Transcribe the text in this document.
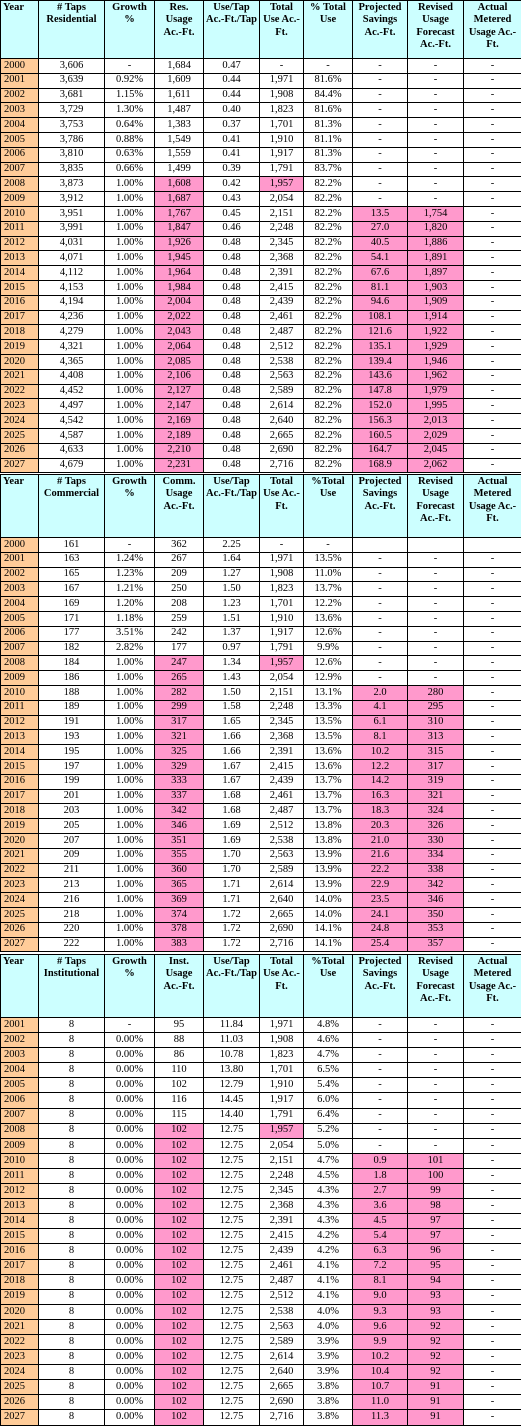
Year	# Taps Residential	Growth %	Res. Usage Ac.-Ft.	Use/Tap Ac.-Ft./Tap	Total Use Ac.-Ft.	% Total Use	Projected Savings Ac.-Ft.	Revised Usage Forecast Ac.-Ft.	Actual Metered Usage Ac.-Ft.
2000	3,606	-	1,684	0.47	-	-	-	-	-
2001	3,639	0.92%	1,609	0.44	1,971	81.6%	-	-	-
2002	3,681	1.15%	1,611	0.44	1,908	84.4%	-	-	-
2003	3,729	1.30%	1,487	0.40	1,823	81.6%	-	-	-
2004	3,753	0.64%	1,383	0.37	1,701	81.3%	-	-	-
2005	3,786	0.88%	1,549	0.41	1,910	81.1%	-	-	-
2006	3,810	0.63%	1,559	0.41	1,917	81.3%	-	-	-
2007	3,835	0.66%	1,499	0.39	1,791	83.7%	-	-	-
2008	3,873	1.00%	1,608	0.42	1,957	82.2%	-	-	-
2009	3,912	1.00%	1,687	0.43	2,054	82.2%	-	-	-
2010	3,951	1.00%	1,767	0.45	2,151	82.2%	13.5	1,754	-
2011	3,991	1.00%	1,847	0.46	2,248	82.2%	27.0	1,820	-
2012	4,031	1.00%	1,926	0.48	2,345	82.2%	40.5	1,886	-
2013	4,071	1.00%	1,945	0.48	2,368	82.2%	54.1	1,891	-
2014	4,112	1.00%	1,964	0.48	2,391	82.2%	67.6	1,897	-
2015	4,153	1.00%	1,984	0.48	2,415	82.2%	81.1	1,903	-
2016	4,194	1.00%	2,004	0.48	2,439	82.2%	94.6	1,909	-
2017	4,236	1.00%	2,022	0.48	2,461	82.2%	108.1	1,914	-
2018	4,279	1.00%	2,043	0.48	2,487	82.2%	121.6	1,922	-
2019	4,321	1.00%	2,064	0.48	2,512	82.2%	135.1	1,929	-
2020	4,365	1.00%	2,085	0.48	2,538	82.2%	139.4	1,946	-
2021	4,408	1.00%	2,106	0.48	2,563	82.2%	143.6	1,962	-
2022	4,452	1.00%	2,127	0.48	2,589	82.2%	147.8	1,979	-
2023	4,497	1.00%	2,147	0.48	2,614	82.2%	152.0	1,995	-
2024	4,542	1.00%	2,169	0.48	2,640	82.2%	156.3	2,013	-
2025	4,587	1.00%	2,189	0.48	2,665	82.2%	160.5	2,029	-
2026	4,633	1.00%	2,210	0.48	2,690	82.2%	164.7	2,045	-
2027	4,679	1.00%	2,231	0.48	2,716	82.2%	168.9	2,062	-
Year	# Taps Commercial	Growth %	Comm. Usage Ac.-Ft.	Use/Tap Ac.-Ft./Tap	Total Use Ac.-Ft.	%Total Use	Projected Savings Ac.-Ft.	Revised Usage Forecast Ac.-Ft.	Actual Metered Usage Ac.-Ft.
2000	161	-	362	2.25	-	-			
2001	163	1.24%	267	1.64	1,971	13.5%	-	-	-
2002	165	1.23%	209	1.27	1,908	11.0%	-	-	-
2003	167	1.21%	250	1.50	1,823	13.7%	-	-	-
2004	169	1.20%	208	1.23	1,701	12.2%	-	-	-
2005	171	1.18%	259	1.51	1,910	13.6%	-	-	-
2006	177	3.51%	242	1.37	1,917	12.6%	-	-	-
2007	182	2.82%	177	0.97	1,791	9.9%	-	-	-
2008	184	1.00%	247	1.34	1,957	12.6%	-	-	-
2009	186	1.00%	265	1.43	2,054	12.9%	-	-	-
2010	188	1.00%	282	1.50	2,151	13.1%	2.0	280	-
2011	189	1.00%	299	1.58	2,248	13.3%	4.1	295	-
2012	191	1.00%	317	1.65	2,345	13.5%	6.1	310	-
2013	193	1.00%	321	1.66	2,368	13.5%	8.1	313	-
2014	195	1.00%	325	1.66	2,391	13.6%	10.2	315	-
2015	197	1.00%	329	1.67	2,415	13.6%	12.2	317	-
2016	199	1.00%	333	1.67	2,439	13.7%	14.2	319	-
2017	201	1.00%	337	1.68	2,461	13.7%	16.3	321	-
2018	203	1.00%	342	1.68	2,487	13.7%	18.3	324	-
2019	205	1.00%	346	1.69	2,512	13.8%	20.3	326	-
2020	207	1.00%	351	1.69	2,538	13.8%	21.0	330	-
2021	209	1.00%	355	1.70	2,563	13.9%	21.6	334	-
2022	211	1.00%	360	1.70	2,589	13.9%	22.2	338	-
2023	213	1.00%	365	1.71	2,614	13.9%	22.9	342	-
2024	216	1.00%	369	1.71	2,640	14.0%	23.5	346	-
2025	218	1.00%	374	1.72	2,665	14.0%	24.1	350	-
2026	220	1.00%	378	1.72	2,690	14.1%	24.8	353	-
2027	222	1.00%	383	1.72	2,716	14.1%	25.4	357	-
Year	# Taps Institutional	Growth %	Inst. Usage Ac.-Ft.	Use/Tap Ac.-Ft./Tap	Total Use Ac.-Ft.	%Total Use	Projected Savings Ac.-Ft.	Revised Usage Forecast Ac.-Ft.	Actual Metered Usage Ac.-Ft.
2001	8	-	95	11.84	1,971	4.8%	-	-	-
2002	8	0.00%	88	11.03	1,908	4.6%	-	-	-
2003	8	0.00%	86	10.78	1,823	4.7%	-	-	-
2004	8	0.00%	110	13.80	1,701	6.5%	-	-	-
2005	8	0.00%	102	12.79	1,910	5.4%	-	-	-
2006	8	0.00%	116	14.45	1,917	6.0%	-	-	-
2007	8	0.00%	115	14.40	1,791	6.4%	-	-	-
2008	8	0.00%	102	12.75	1,957	5.2%	-	-	-
2009	8	0.00%	102	12.75	2,054	5.0%	-	-	-
2010	8	0.00%	102	12.75	2,151	4.7%	0.9	101	-
2011	8	0.00%	102	12.75	2,248	4.5%	1.8	100	-
2012	8	0.00%	102	12.75	2,345	4.3%	2.7	99	-
2013	8	0.00%	102	12.75	2,368	4.3%	3.6	98	-
2014	8	0.00%	102	12.75	2,391	4.3%	4.5	97	-
2015	8	0.00%	102	12.75	2,415	4.2%	5.4	97	-
2016	8	0.00%	102	12.75	2,439	4.2%	6.3	96	-
2017	8	0.00%	102	12.75	2,461	4.1%	7.2	95	-
2018	8	0.00%	102	12.75	2,487	4.1%	8.1	94	-
2019	8	0.00%	102	12.75	2,512	4.1%	9.0	93	-
2020	8	0.00%	102	12.75	2,538	4.0%	9.3	93	-
2021	8	0.00%	102	12.75	2,563	4.0%	9.6	92	-
2022	8	0.00%	102	12.75	2,589	3.9%	9.9	92	-
2023	8	0.00%	102	12.75	2,614	3.9%	10.2	92	-
2024	8	0.00%	102	12.75	2,640	3.9%	10.4	92	-
2025	8	0.00%	102	12.75	2,665	3.8%	10.7	91	-
2026	8	0.00%	102	12.75	2,690	3.8%	11.0	91	-
2027	8	0.00%	102	12.75	2,716	3.8%	11.3	91	-
